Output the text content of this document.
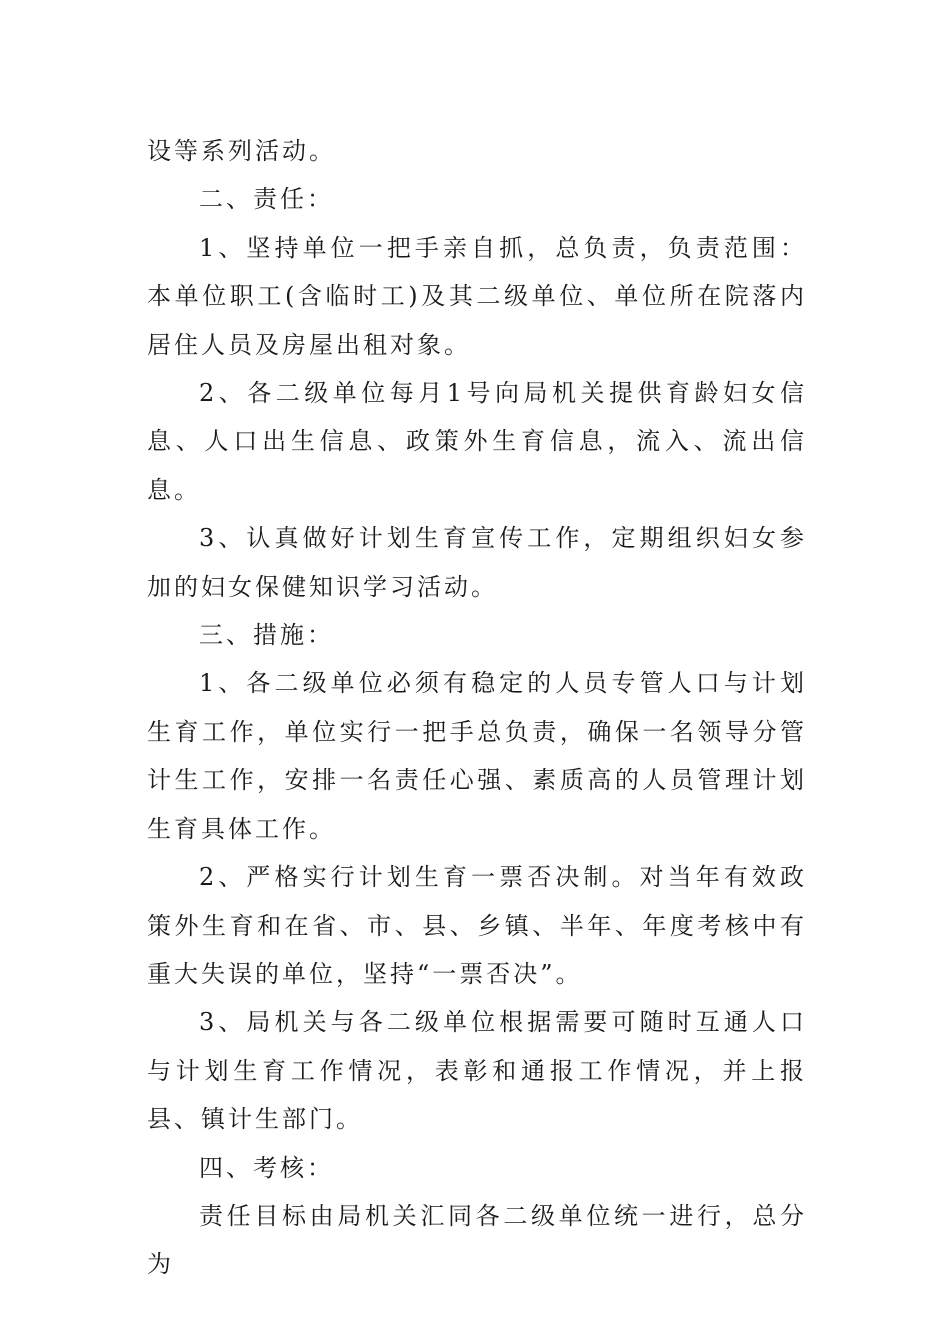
设等系列活动。

二、责任：

1、坚持单位一把手亲自抓，总负责，负责范围：本单位职工(含临时工)及其二级单位、单位所在院落内居住人员及房屋出租对象。

2、各二级单位每月1号向局机关提供育龄妇女信息、人口出生信息、政策外生育信息，流入、流出信息。

3、认真做好计划生育宣传工作，定期组织妇女参加的妇女保健知识学习活动。

三、措施：

1、各二级单位必须有稳定的人员专管人口与计划生育工作，单位实行一把手总负责，确保一名领导分管计生工作，安排一名责任心强、素质高的人员管理计划生育具体工作。

2、严格实行计划生育一票否决制。对当年有效政策外生育和在省、市、县、乡镇、半年、年度考核中有重大失误的单位，坚持“一票否决”。

3、局机关与各二级单位根据需要可随时互通人口与计划生育工作情况，表彰和通报工作情况，并上报县、镇计生部门。

四、考核：

责任目标由局机关汇同各二级单位统一进行，总分为
